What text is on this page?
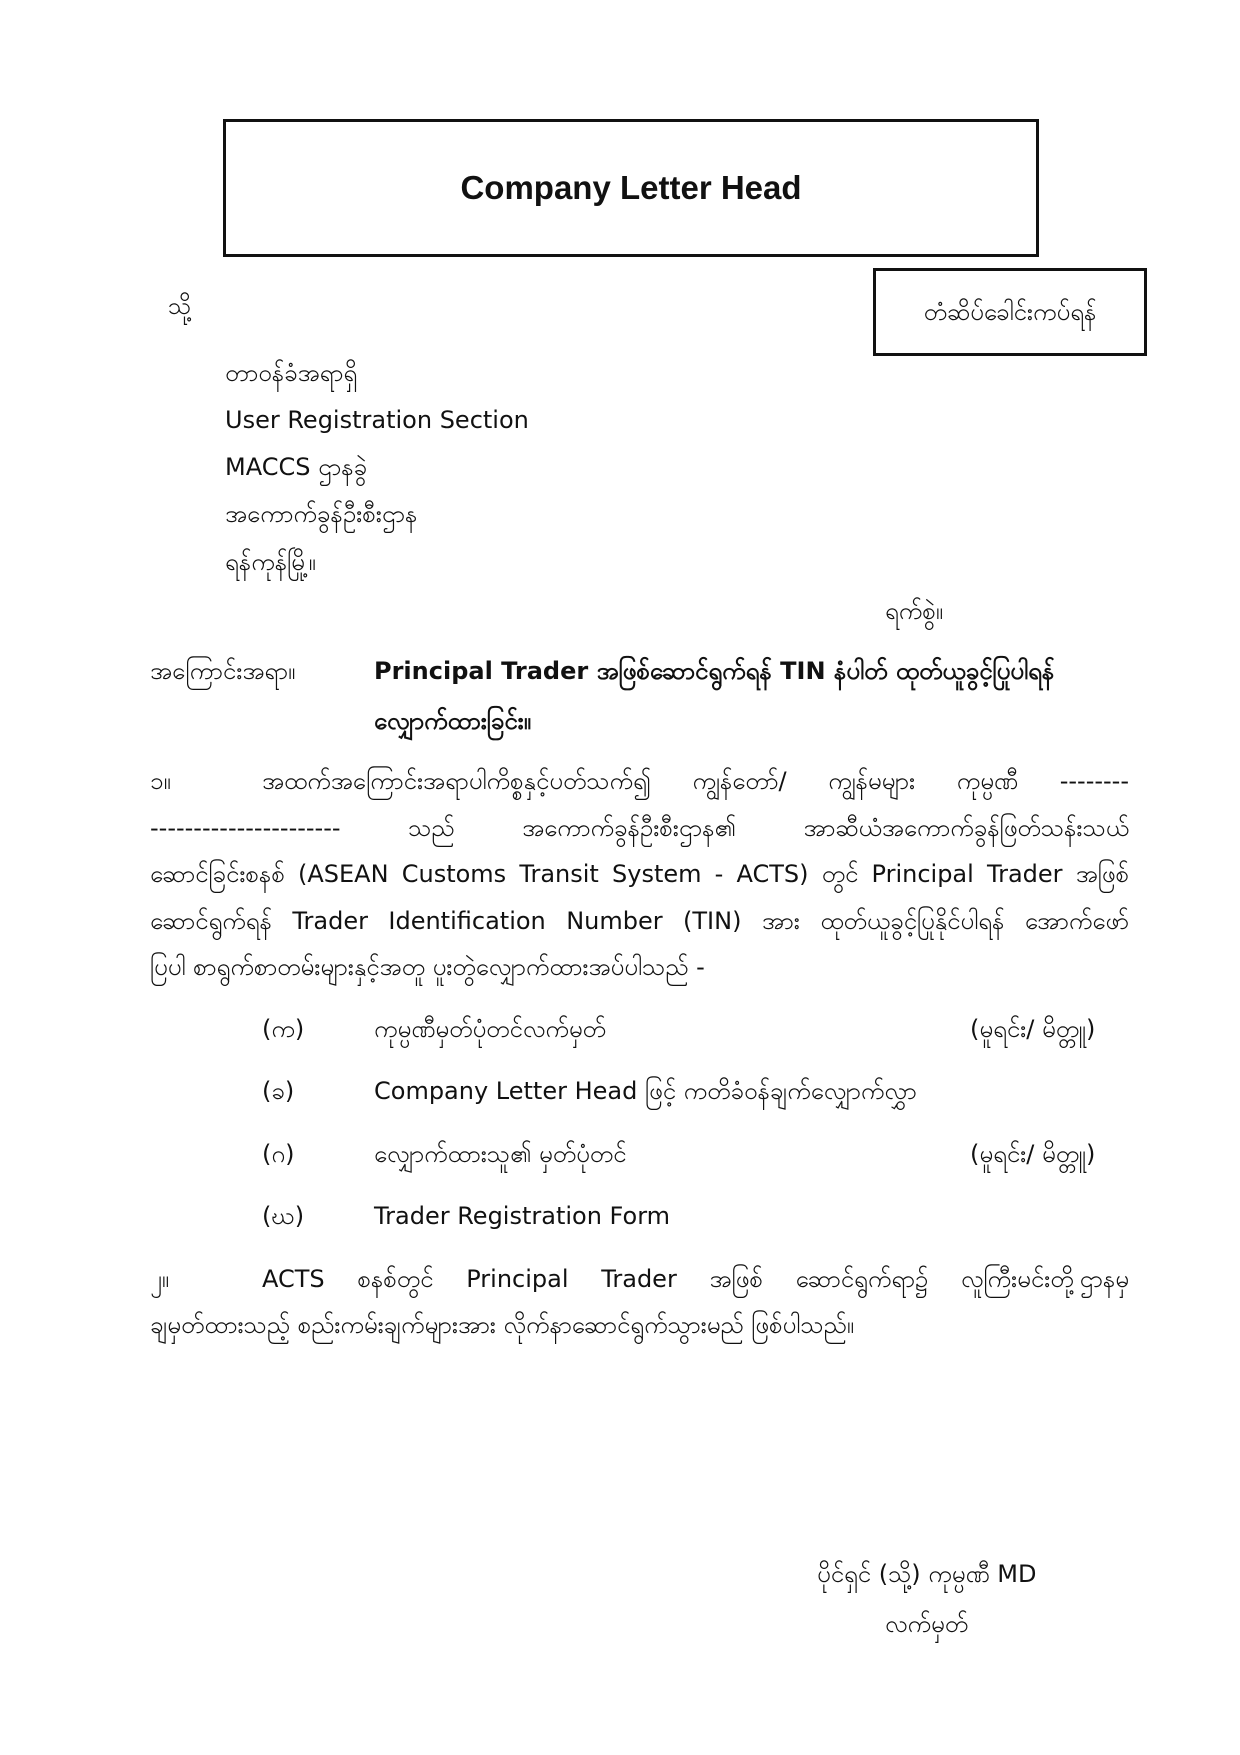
Company Letter Head
တံဆိပ်ခေါင်းကပ်ရန်
သို့
တာဝန်ခံအရာရှိ
User Registration Section
MACCS ဌာနခွဲ
အကောက်ခွန်ဦးစီးဌာန
ရန်ကုန်မြို့။
ရက်စွဲ။
အကြောင်းအရာ။	Principal Trader အဖြစ်ဆောင်ရွက်ရန် TIN နံပါတ် ထုတ်ယူခွင့်ပြုပါရန်
လျှောက်ထားခြင်း။
၁။	အထက်အကြောင်းအရာပါကိစ္စနှင့်ပတ်သက်၍ ကျွန်တော်/ ကျွန်မများ ကုမ္ပဏီ --------
---------------------- သည် အကောက်ခွန်ဦးစီးဌာန၏ အာဆီယံအကောက်ခွန်ဖြတ်သန်းသယ်
ဆောင်ခြင်းစနစ် (ASEAN Customs Transit System - ACTS) တွင် Principal Trader အဖြစ်
ဆောင်ရွက်ရန် Trader Identification Number (TIN) အား ထုတ်ယူခွင့်ပြုနိုင်ပါရန် အောက်ဖော်
ပြပါ စာရွက်စာတမ်းများနှင့်အတူ ပူးတွဲလျှောက်ထားအပ်ပါသည် -
(က)	ကုမ္ပဏီမှတ်ပုံတင်လက်မှတ်	(မူရင်း/ မိတ္တူ)
(ခ)	Company Letter Head ဖြင့် ကတိခံဝန်ချက်လျှောက်လွှာ
(ဂ)	လျှောက်ထားသူ၏ မှတ်ပုံတင်	(မူရင်း/ မိတ္တူ)
(ဃ)	Trader Registration Form
၂။	ACTS စနစ်တွင် Principal Trader အဖြစ် ဆောင်ရွက်ရာ၌ လူကြီးမင်းတို့ဌာနမှ
ချမှတ်ထားသည့် စည်းကမ်းချက်များအား လိုက်နာဆောင်ရွက်သွားမည် ဖြစ်ပါသည်။
ပိုင်ရှင် (သို့) ကုမ္ပဏီ MD
လက်မှတ်
